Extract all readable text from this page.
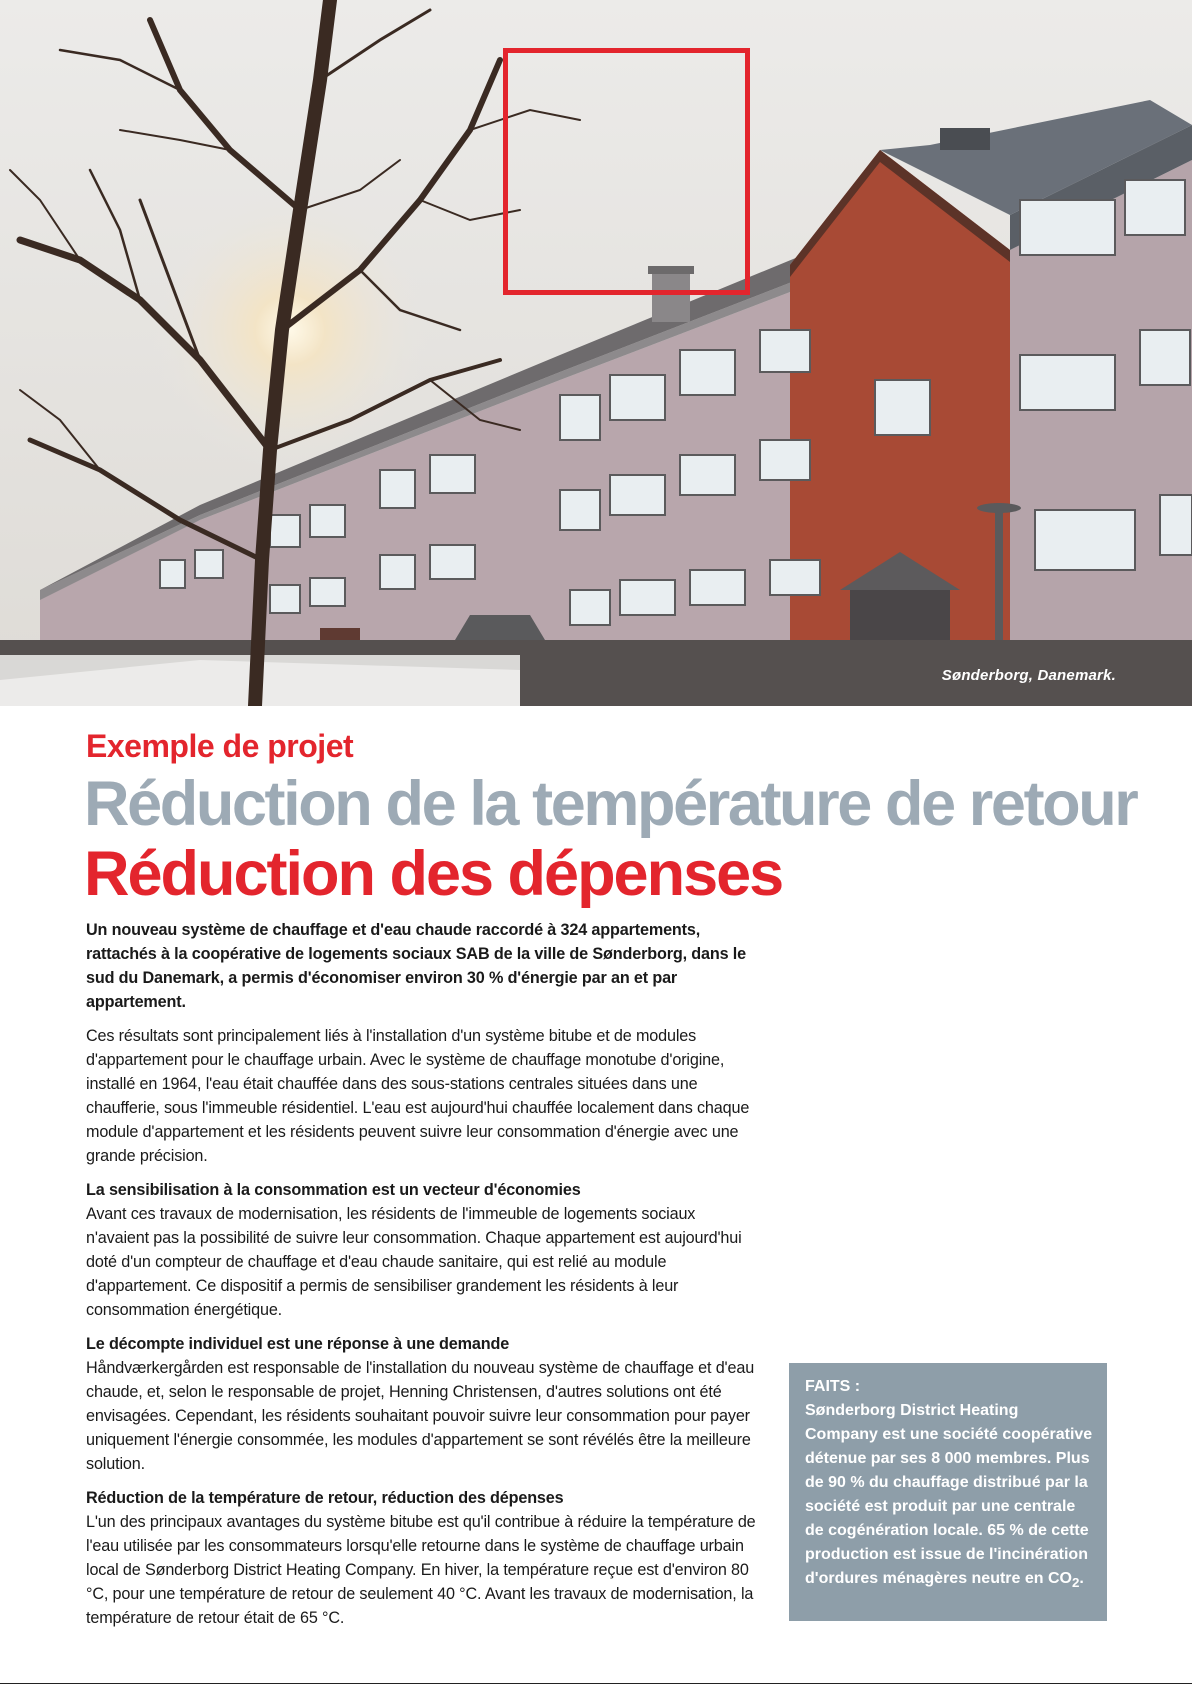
Sønderborg, Danemark.
Exemple de projet
Réduction de la température de retour
Réduction des dépenses

Un nouveau système de chauffage et d'eau chaude raccordé à 324 appartements, rattachés à la coopérative de logements sociaux SAB de la ville de Sønderborg, dans le sud du Danemark, a permis d'économiser environ 30 % d'énergie par an et par appartement.

Ces résultats sont principalement liés à l'installation d'un système bitube et de modules d'appartement pour le chauffage urbain. Avec le système de chauffage monotube d'origine, installé en 1964, l'eau était chauffée dans des sous-stations centrales situées dans une chaufferie, sous l'immeuble résidentiel. L'eau est aujourd'hui chauffée localement dans chaque module d'appartement et les résidents peuvent suivre leur consommation d'énergie avec une grande précision.

La sensibilisation à la consommation est un vecteur d'économies
Avant ces travaux de modernisation, les résidents de l'immeuble de logements sociaux n'avaient pas la possibilité de suivre leur consommation. Chaque appartement est aujourd'hui doté d'un compteur de chauffage et d'eau chaude sanitaire, qui est relié au module d'appartement. Ce dispositif a permis de sensibiliser grandement les résidents à leur consommation énergétique.

Le décompte individuel est une réponse à une demande
Håndværkergården est responsable de l'installation du nouveau système de chauffage et d'eau chaude, et, selon le responsable de projet, Henning Christensen, d'autres solutions ont été envisagées. Cependant, les résidents souhaitant pouvoir suivre leur consommation pour payer uniquement l'énergie consommée, les modules d'appartement se sont révélés être la meilleure solution.

Réduction de la température de retour, réduction des dépenses
L'un des principaux avantages du système bitube est qu'il contribue à réduire la température de l'eau utilisée par les consommateurs lorsqu'elle retourne dans le système de chauffage urbain local de Sønderborg District Heating Company. En hiver, la température reçue est d'environ 80 °C, pour une température de retour de seulement 40 °C. Avant les travaux de modernisation, la température de retour était de 65 °C.

FAITS :
Sønderborg District Heating Company est une société coopérative détenue par ses 8 000 membres. Plus de 90 % du chauffage distribué par la société est produit par une centrale de cogénération locale. 65 % de cette production est issue de l'incinération d'ordures ménagères neutre en $CO_2$.
